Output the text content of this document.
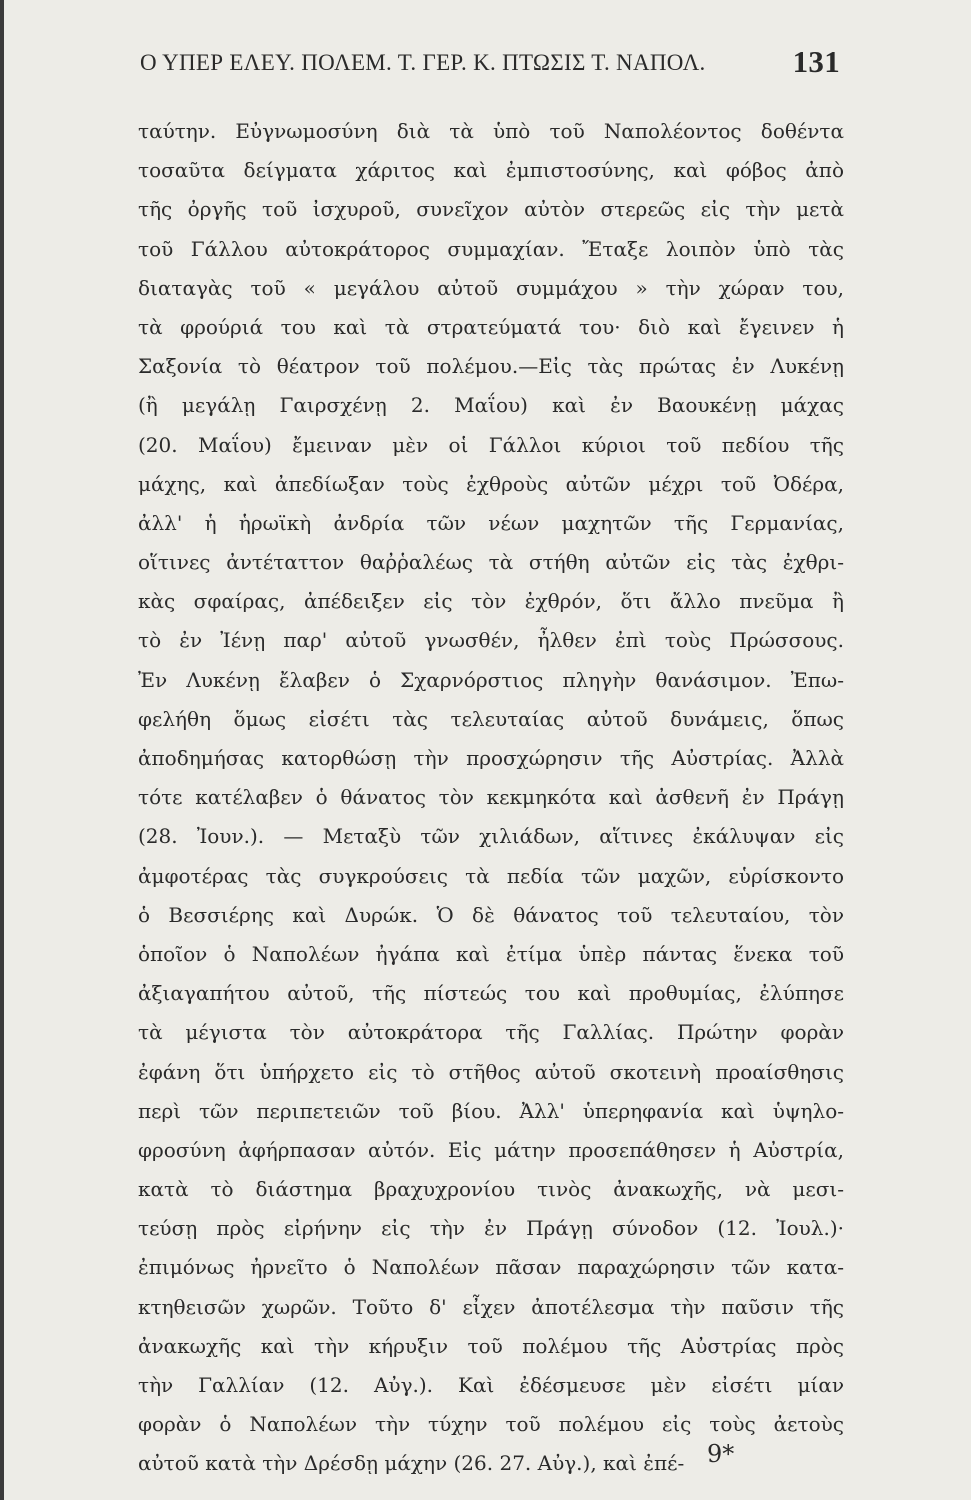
Ο ΥΠΕΡ ΕΛΕΥ. ΠΟΛΕΜ. Τ. ΓΕΡ. Κ. ΠΤΩΣΙΣ Τ. ΝΑΠΟΛ.	131
ταύτην. Εὐγνωμοσύνη διὰ τὰ ὑπὸ τοῦ Ναπολέοντος δοθέντα
τοσαῦτα δείγματα χάριτος καὶ ἐμπιστοσύνης, καὶ φόβος ἀπὸ
τῆς ὀργῆς τοῦ ἰσχυροῦ, συνεῖχον αὐτὸν στερεῶς εἰς τὴν μετὰ
τοῦ Γάλλου αὐτοκράτορος συμμαχίαν. Ἔταξε λοιπὸν ὑπὸ τὰς
διαταγὰς τοῦ « μεγάλου αὐτοῦ συμμάχου » τὴν χώραν του,
τὰ φρούριά του καὶ τὰ στρατεύματά του· διὸ καὶ ἔγεινεν ἡ
Σαξονία τὸ θέατρον τοῦ πολέμου.—Εἰς τὰς πρώτας ἐν Λυκένῃ
(ἢ μεγάλῃ Γαιρσχένῃ 2. Μαΐου) καὶ ἐν Βαουκένῃ μάχας
(20. Μαΐου) ἔμειναν μὲν οἱ Γάλλοι κύριοι τοῦ πεδίου τῆς
μάχης, καὶ ἀπεδίωξαν τοὺς ἐχθροὺς αὐτῶν μέχρι τοῦ Ὀδέρα,
ἀλλ' ἡ ἡρωϊκὴ ἀνδρία τῶν νέων μαχητῶν τῆς Γερμανίας,
οἵτινες ἀντέταττον θαῤῥαλέως τὰ στήθη αὐτῶν εἰς τὰς ἐχθρι-
κὰς σφαίρας, ἀπέδειξεν εἰς τὸν ἐχθρόν, ὅτι ἄλλο πνεῦμα ἢ
τὸ ἐν Ἰένῃ παρ' αὐτοῦ γνωσθέν, ἦλθεν ἐπὶ τοὺς Πρώσσους.
Ἐν Λυκένῃ ἔλαβεν ὁ Σχαρνόρστιος πληγὴν θανάσιμον. Ἐπω-
φελήθη ὅμως εἰσέτι τὰς τελευταίας αὐτοῦ δυνάμεις, ὅπως
ἀποδημήσας κατορθώσῃ τὴν προσχώρησιν τῆς Αὐστρίας. Ἀλλὰ
τότε κατέλαβεν ὁ θάνατος τὸν κεκμηκότα καὶ ἀσθενῆ ἐν Πράγῃ
(28. Ἰουν.). — Μεταξὺ τῶν χιλιάδων, αἵτινες ἐκάλυψαν εἰς
ἀμφοτέρας τὰς συγκρούσεις τὰ πεδία τῶν μαχῶν, εὑρίσκοντο
ὁ Βεσσιέρης καὶ Δυρώκ. Ὁ δὲ θάνατος τοῦ τελευταίου, τὸν
ὁποῖον ὁ Ναπολέων ἠγάπα καὶ ἐτίμα ὑπὲρ πάντας ἕνεκα τοῦ
ἀξιαγαπήτου αὐτοῦ, τῆς πίστεώς του καὶ προθυμίας, ἐλύπησε
τὰ μέγιστα τὸν αὐτοκράτορα τῆς Γαλλίας. Πρώτην φορὰν
ἐφάνη ὅτι ὑπήρχετο εἰς τὸ στῆθος αὐτοῦ σκοτεινὴ προαίσθησις
περὶ τῶν περιπετειῶν τοῦ βίου. Ἀλλ' ὑπερηφανία καὶ ὑψηλο-
φροσύνη ἀφήρπασαν αὐτόν. Εἰς μάτην προσεπάθησεν ἡ Αὐστρία,
κατὰ τὸ διάστημα βραχυχρονίου τινὸς ἀνακωχῆς, νὰ μεσι-
τεύσῃ πρὸς εἰρήνην εἰς τὴν ἐν Πράγῃ σύνοδον (12. Ἰουλ.)·
ἐπιμόνως ἠρνεῖτο ὁ Ναπολέων πᾶσαν παραχώρησιν τῶν κατα-
κτηθεισῶν χωρῶν. Τοῦτο δ' εἶχεν ἀποτέλεσμα τὴν παῦσιν τῆς
ἀνακωχῆς καὶ τὴν κήρυξιν τοῦ πολέμου τῆς Αὐστρίας πρὸς
τὴν Γαλλίαν (12. Αὐγ.). Καὶ ἐδέσμευσε μὲν εἰσέτι μίαν
φορὰν ὁ Ναπολέων τὴν τύχην τοῦ πολέμου εἰς τοὺς ἀετοὺς
αὐτοῦ κατὰ τὴν Δρέσδῃ μάχην (26. 27. Αὐγ.), καὶ ἐπέ- 9*
